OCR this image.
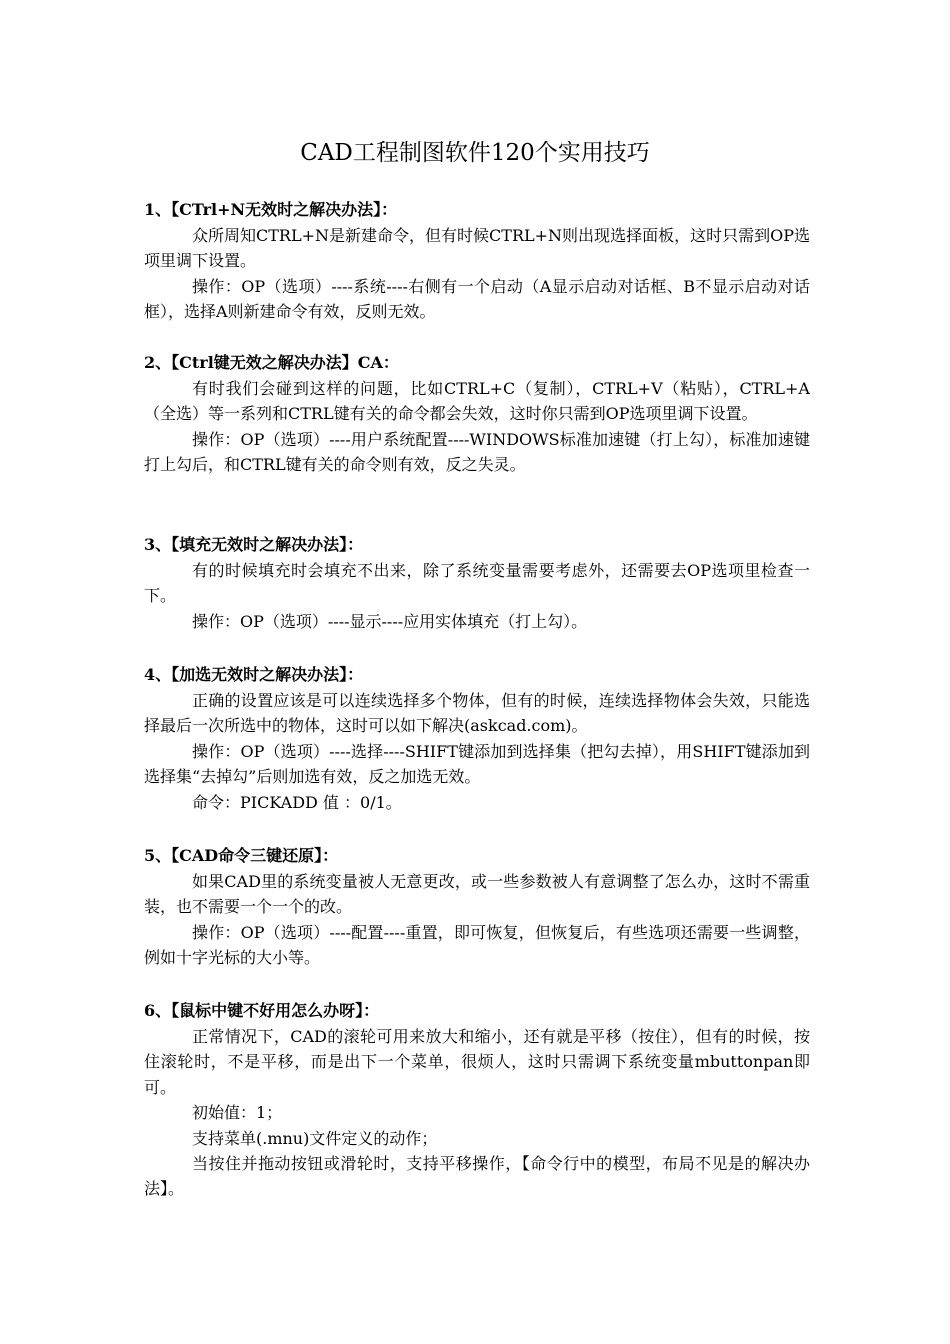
CAD工程制图软件120个实用技巧

1、【CTrl+N无效时之解决办法】：

众所周知CTRL+N是新建命令，但有时候CTRL+N则出现选择面板，这时只需到OP选项里调下设置。

操作：OP（选项）----系统----右侧有一个启动（A显示启动对话框、B不显示启动对话框），选择A则新建命令有效，反则无效。

2、【Ctrl键无效之解决办法】CA：

有时我们会碰到这样的问题，比如CTRL+C（复制），CTRL+V（粘贴），CTRL+A（全选）等一系列和CTRL键有关的命令都会失效，这时你只需到OP选项里调下设置。

操作：OP（选项）----用户系统配置----WINDOWS标准加速键（打上勾），标准加速键打上勾后，和CTRL键有关的命令则有效，反之失灵。

3、【填充无效时之解决办法】：

有的时候填充时会填充不出来，除了系统变量需要考虑外，还需要去OP选项里检查一下。

操作：OP（选项）----显示----应用实体填充（打上勾）。

4、【加选无效时之解决办法】：

正确的设置应该是可以连续选择多个物体，但有的时候，连续选择物体会失效，只能选择最后一次所选中的物体，这时可以如下解决(askcad.com)。

操作：OP（选项）----选择----SHIFT键添加到选择集（把勾去掉），用SHIFT键添加到选择集“去掉勾”后则加选有效，反之加选无效。

命令：PICKADD 值 ：0/1。

5、【CAD命令三键还原】：

如果CAD里的系统变量被人无意更改，或一些参数被人有意调整了怎么办，这时不需重装，也不需要一个一个的改。

操作：OP（选项）----配置----重置，即可恢复，但恢复后，有些选项还需要一些调整，例如十字光标的大小等。

6、【鼠标中键不好用怎么办呀】：

正常情况下，CAD的滚轮可用来放大和缩小，还有就是平移（按住），但有的时候，按住滚轮时，不是平移，而是出下一个菜单，很烦人，这时只需调下系统变量mbuttonpan即可。

初始值：1；

支持菜单(.mnu)文件定义的动作；

当按住并拖动按钮或滑轮时，支持平移操作，【命令行中的模型，布局不见是的解决办法】。
